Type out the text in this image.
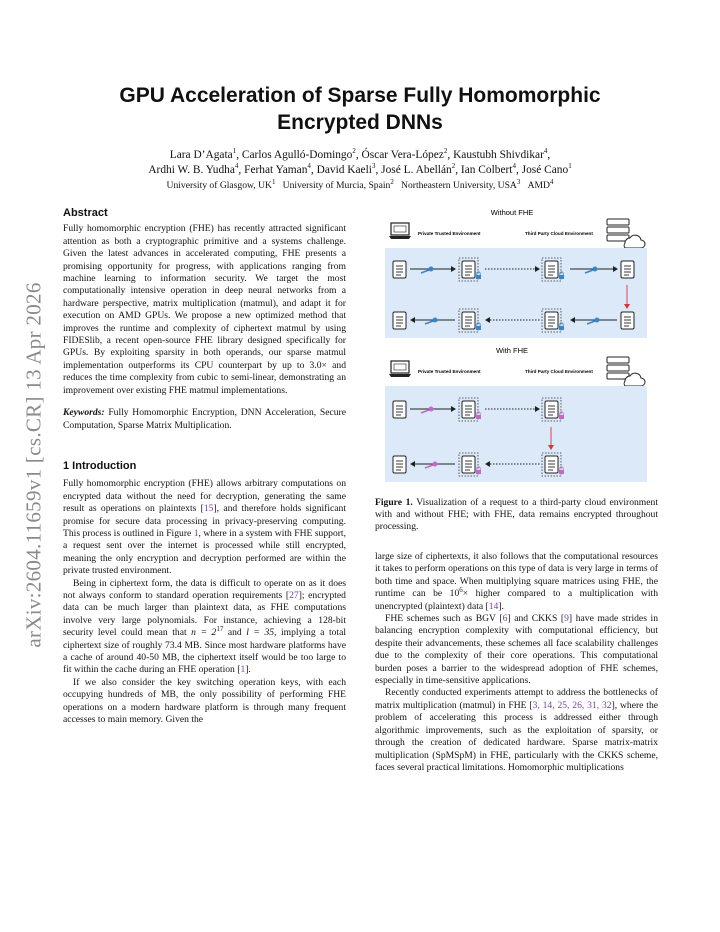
arXiv:2604.11659v1 [cs.CR] 13 Apr 2026
GPU Acceleration of Sparse Fully Homomorphic
Encrypted DNNs
Lara D’Agata$^1$, Carlos Agulló-Domingo$^2$, Óscar Vera-López$^2$, Kaustubh Shivdikar$^4$,
Ardhi W. B. Yudha$^4$, Ferhat Yaman$^4$, David Kaeli$^3$, José L. Abellán$^2$, Ian Colbert$^4$, José Cano$^1$
University of Glasgow, $UK^1$ University of Murcia, Spain$^2$ Northeastern University, USA$^3$ AMD$^4$
Abstract

Fully homomorphic encryption (FHE) has recently attracted significant attention as both a cryptographic primitive and a systems challenge. Given the latest advances in accelerated computing, FHE presents a promising opportunity for progress, with applications ranging from machine learning to information security. We target the most computationally intensive operation in deep neural networks from a hardware perspective, matrix multiplication (matmul), and adapt it for execution on AMD GPUs. We propose a new optimized method that improves the runtime and complexity of ciphertext matmul by using FIDESlib, a recent open-source FHE library designed specifically for GPUs. By exploiting sparsity in both operands, our sparse matmul implementation outperforms its CPU counterpart by up to 3.0× and reduces the time complexity from cubic to semi-linear, demonstrating an improvement over existing FHE matmul implementations.

Keywords: Fully Homomorphic Encryption, DNN Acceleration, Secure Computation, Sparse Matrix Multiplication.

1 Introduction

Fully homomorphic encryption (FHE) allows arbitrary computations on encrypted data without the need for decryption, generating the same result as operations on plaintexts [15], and therefore holds significant promise for secure data processing in privacy-preserving computing. This process is outlined in Figure 1, where in a system with FHE support, a request sent over the internet is processed while still encrypted, meaning the only encryption and decryption performed are within the private trusted environment.

Being in ciphertext form, the data is difficult to operate on as it does not always conform to standard operation requirements [27]; encrypted data can be much larger than plaintext data, as FHE computations involve very large polynomials. For instance, achieving a 128-bit security level could mean that $n = 2^{17}$ and l = 35, implying a total ciphertext size of roughly 73.4 MB. Since most hardware platforms have a cache of around 40-50 MB, the ciphertext itself would be too large to fit within the cache during an FHE operation [1].

If we also consider the key switching operation keys, with each occupying hundreds of MB, the only possibility of performing FHE operations on a modern hardware platform is through many frequent accesses to main memory. Given the

Without FHE
Private Trusted Environment	Third Party Cloud Environment
With FHE
Private Trusted Environment	Third Party Cloud Environment
Figure 1. Visualization of a request to a third-party cloud environment with and without FHE; with FHE, data remains encrypted throughout processing.

large size of ciphertexts, it also follows that the computational resources it takes to perform operations on this type of data is very large in terms of both time and space. When multiplying square matrices using FHE, the runtime can be $10^6\times$ higher compared to a multiplication with unencrypted (plaintext) data [14].

FHE schemes such as BGV [6] and CKKS [9] have made strides in balancing encryption complexity with computational efficiency, but despite their advancements, these schemes all face scalability challenges due to the complexity of their core operations. This computational burden poses a barrier to the widespread adoption of FHE schemes, especially in time-sensitive applications.

Recently conducted experiments attempt to address the bottlenecks of matrix multiplication (matmul) in FHE [3, 14, 25, 26, 31, 32], where the problem of accelerating this process is addressed either through algorithmic improvements, such as the exploitation of sparsity, or through the creation of dedicated hardware. Sparse matrix-matrix multiplication (SpMSpM) in FHE, particularly with the CKKS scheme, faces several practical limitations. Homomorphic multiplications
